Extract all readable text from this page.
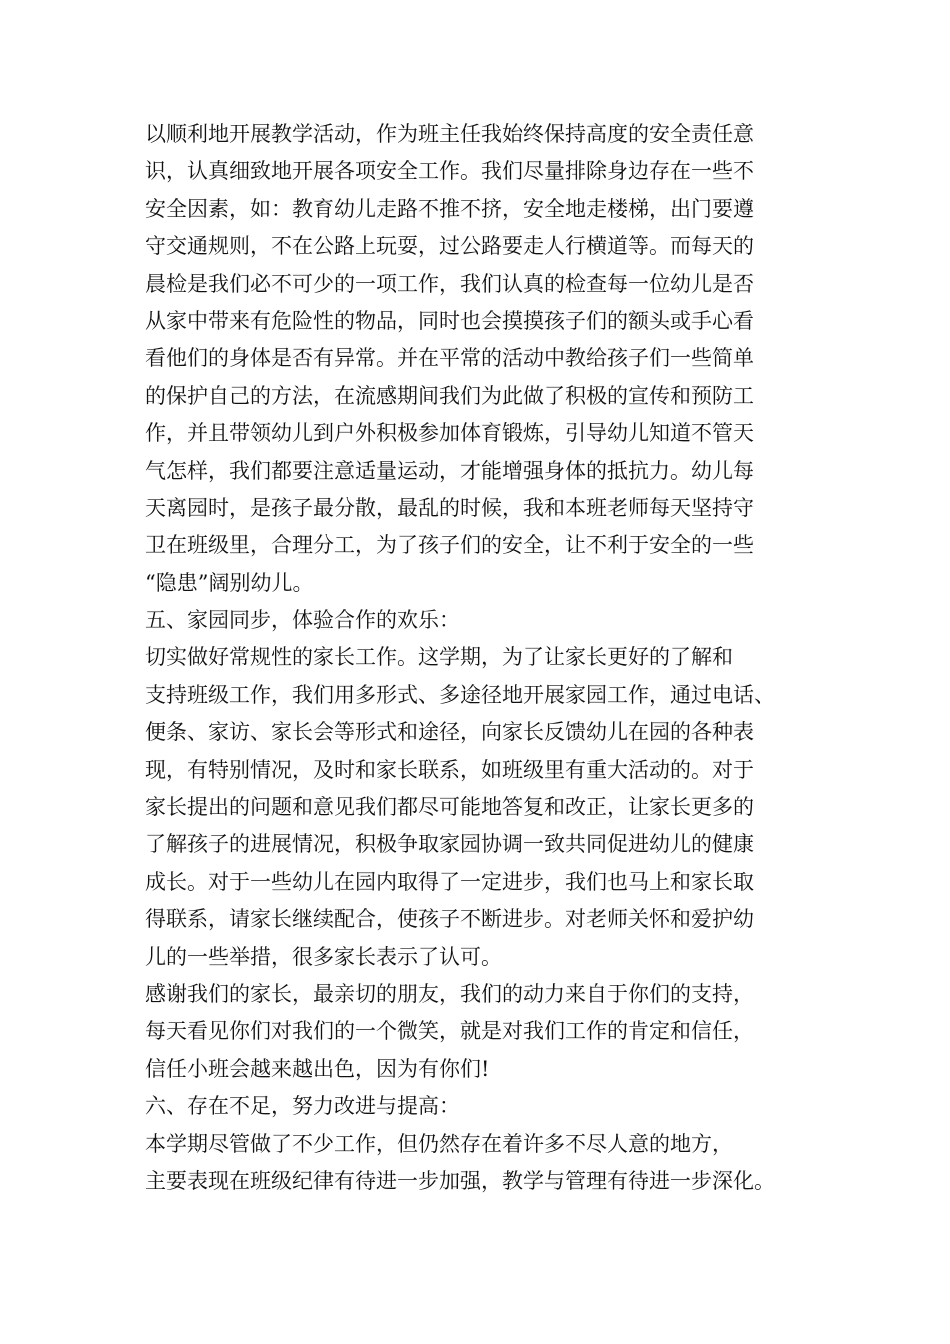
以顺利地开展教学活动，作为班主任我始终保持高度的安全责任意
识，认真细致地开展各项安全工作。我们尽量排除身边存在一些不
安全因素，如：教育幼儿走路不推不挤，安全地走楼梯，出门要遵
守交通规则，不在公路上玩耍，过公路要走人行横道等。而每天的
晨检是我们必不可少的一项工作，我们认真的检查每一位幼儿是否
从家中带来有危险性的物品，同时也会摸摸孩子们的额头或手心看
看他们的身体是否有异常。并在平常的活动中教给孩子们一些简单
的保护自己的方法，在流感期间我们为此做了积极的宣传和预防工
作，并且带领幼儿到户外积极参加体育锻炼，引导幼儿知道不管天
气怎样，我们都要注意适量运动，才能增强身体的抵抗力。幼儿每
天离园时，是孩子最分散，最乱的时候，我和本班老师每天坚持守
卫在班级里，合理分工，为了孩子们的安全，让不利于安全的一些
“隐患”阔别幼儿。
五、家园同步，体验合作的欢乐：
切实做好常规性的家长工作。这学期，为了让家长更好的了解和
支持班级工作，我们用多形式、多途径地开展家园工作，通过电话、
便条、家访、家长会等形式和途径，向家长反馈幼儿在园的各种表
现，有特别情况，及时和家长联系，如班级里有重大活动的。对于
家长提出的问题和意见我们都尽可能地答复和改正，让家长更多的
了解孩子的进展情况，积极争取家园协调一致共同促进幼儿的健康
成长。对于一些幼儿在园内取得了一定进步，我们也马上和家长取
得联系，请家长继续配合，使孩子不断进步。对老师关怀和爱护幼
儿的一些举措，很多家长表示了认可。
感谢我们的家长，最亲切的朋友，我们的动力来自于你们的支持，
每天看见你们对我们的一个微笑，就是对我们工作的肯定和信任，
信任小班会越来越出色，因为有你们!
六、存在不足，努力改进与提高：
本学期尽管做了不少工作，但仍然存在着许多不尽人意的地方，
主要表现在班级纪律有待进一步加强，教学与管理有待进一步深化。
